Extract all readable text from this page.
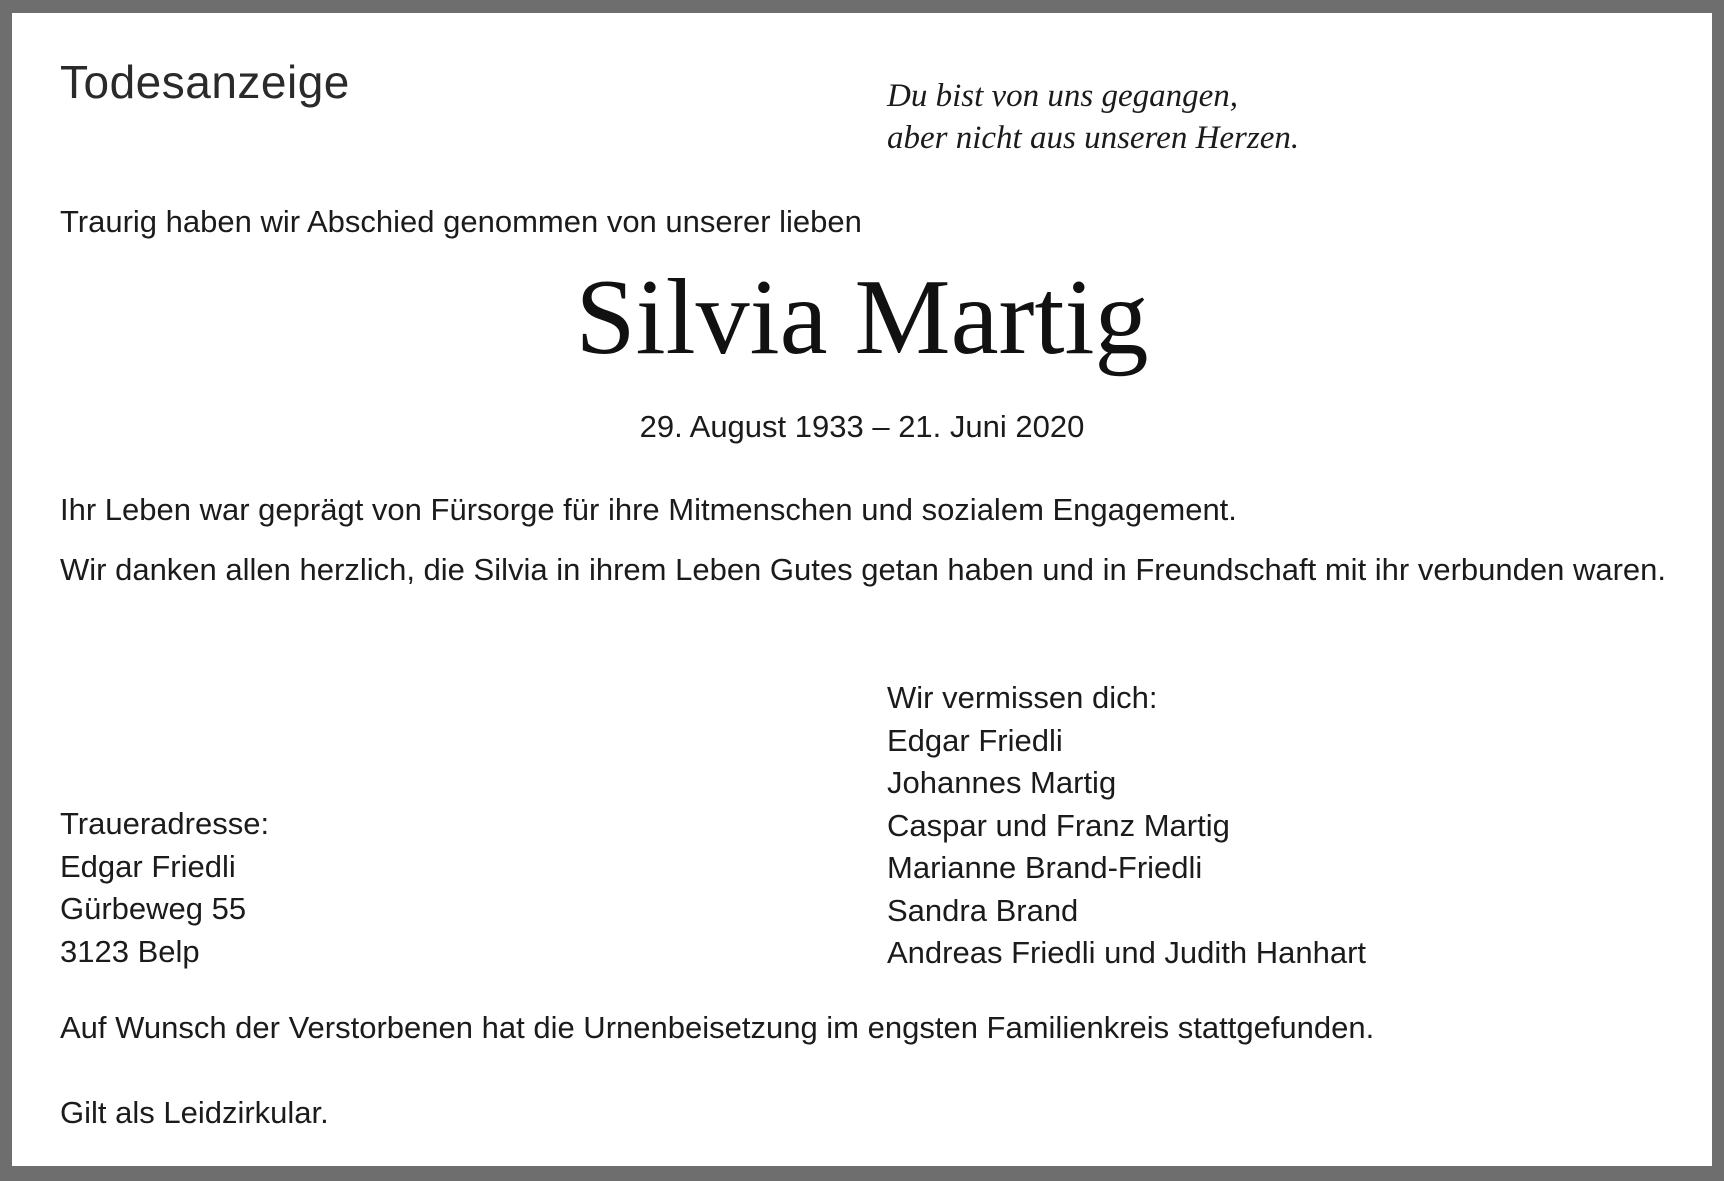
Todesanzeige	Du bist von uns gegangen,
aber nicht aus unseren Herzen.
Traurig haben wir Abschied genommen von unserer lieben
Silvia Martig
29. August 1933 – 21. Juni 2020
Ihr Leben war geprägt von Fürsorge für ihre Mitmenschen und sozialem Engagement.
Wir danken allen herzlich, die Silvia in ihrem Leben Gutes getan haben und in Freundschaft mit ihr verbunden waren.
Wir vermissen dich:
Edgar Friedli
Johannes Martig
Caspar und Franz Martig
Marianne Brand-Friedli
Sandra Brand
Andreas Friedli und Judith Hanhart
Traueradresse:
Edgar Friedli
Gürbeweg 55
3123 Belp
Auf Wunsch der Verstorbenen hat die Urnenbeisetzung im engsten Familienkreis stattgefunden.
Gilt als Leidzirkular.
